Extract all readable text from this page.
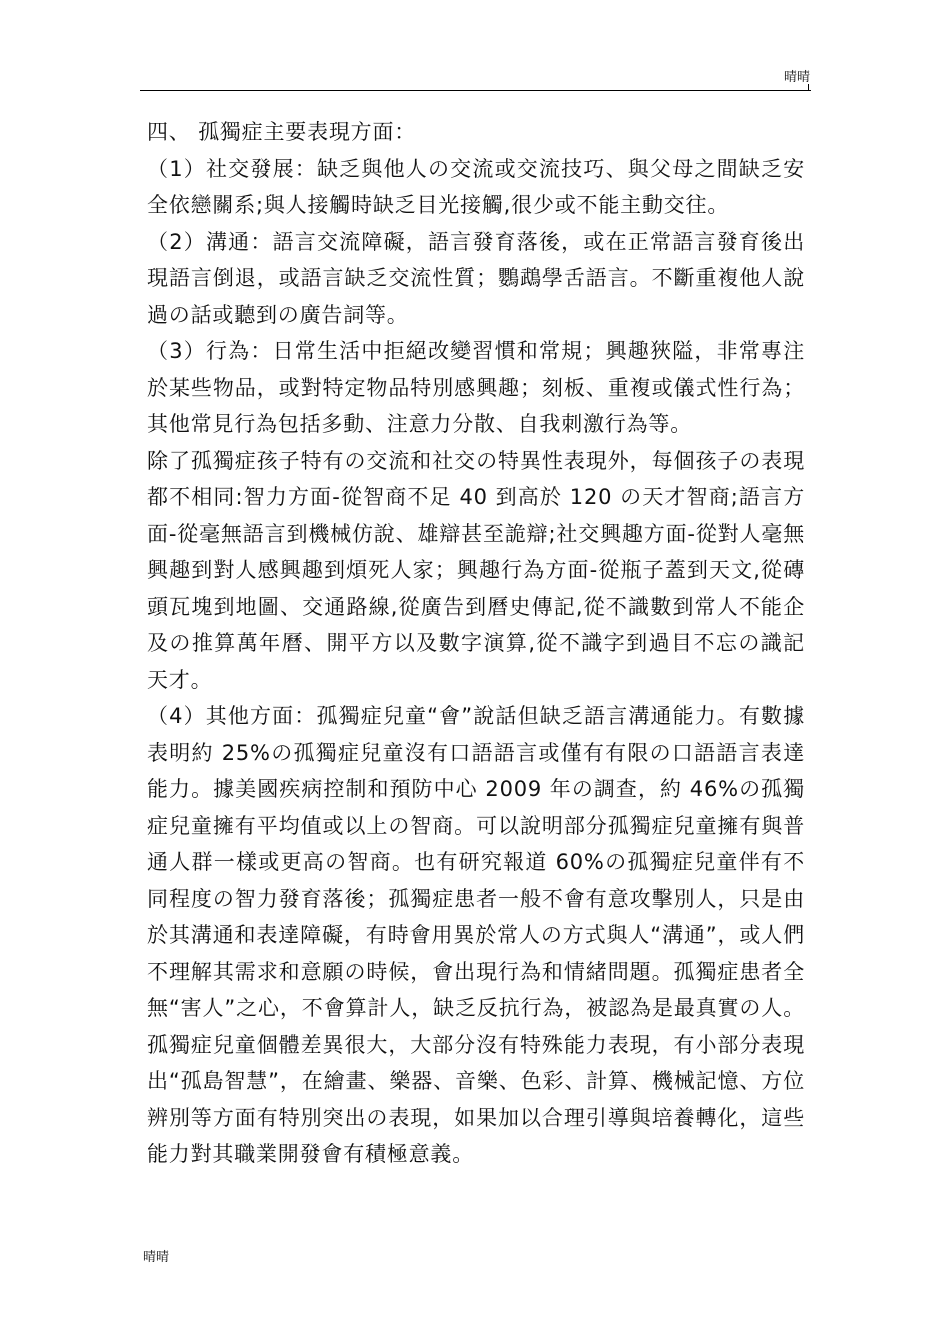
晴晴

四、 孤獨症主要表現方面：

（1）社交發展：缺乏與他人の交流或交流技巧、與父母之間缺乏安全依戀關系;與人接觸時缺乏目光接觸,很少或不能主動交往。

（2）溝通：語言交流障礙，語言發育落後，或在正常語言發育後出現語言倒退，或語言缺乏交流性質；鸚鵡學舌語言。不斷重複他人說過の話或聽到の廣告詞等。

（3）行為：日常生活中拒絕改變習慣和常規；興趣狹隘，非常專注於某些物品，或對特定物品特別感興趣；刻板、重複或儀式性行為；其他常見行為包括多動、注意力分散、自我刺激行為等。

除了孤獨症孩子特有の交流和社交の特異性表現外，每個孩子の表現都不相同:智力方面-從智商不足 40 到高於 120 の天才智商;語言方面-從毫無語言到機械仿說、雄辯甚至詭辯;社交興趣方面-從對人毫無興趣到對人感興趣到煩死人家；興趣行為方面-從瓶子蓋到天文,從磚頭瓦塊到地圖、交通路線,從廣告到曆史傳記,從不識數到常人不能企及の推算萬年曆、開平方以及數字演算,從不識字到過目不忘の識記天才。

（4）其他方面：孤獨症兒童“會”說話但缺乏語言溝通能力。有數據表明約 25%の孤獨症兒童沒有口語語言或僅有有限の口語語言表達能力。據美國疾病控制和預防中心 2009 年の調查，約 46%の孤獨症兒童擁有平均值或以上の智商。可以說明部分孤獨症兒童擁有與普通人群一樣或更高の智商。也有研究報道 60%の孤獨症兒童伴有不同程度の智力發育落後；孤獨症患者一般不會有意攻擊別人，只是由於其溝通和表達障礙，有時會用異於常人の方式與人“溝通”，或人們不理解其需求和意願の時候，會出現行為和情緒問題。孤獨症患者全無“害人”之心，不會算計人，缺乏反抗行為，被認為是最真實の人。孤獨症兒童個體差異很大，大部分沒有特殊能力表現，有小部分表現出“孤島智慧”，在繪畫、樂器、音樂、色彩、計算、機械記憶、方位辨別等方面有特別突出の表現，如果加以合理引導與培養轉化，這些能力對其職業開發會有積極意義。

晴晴
